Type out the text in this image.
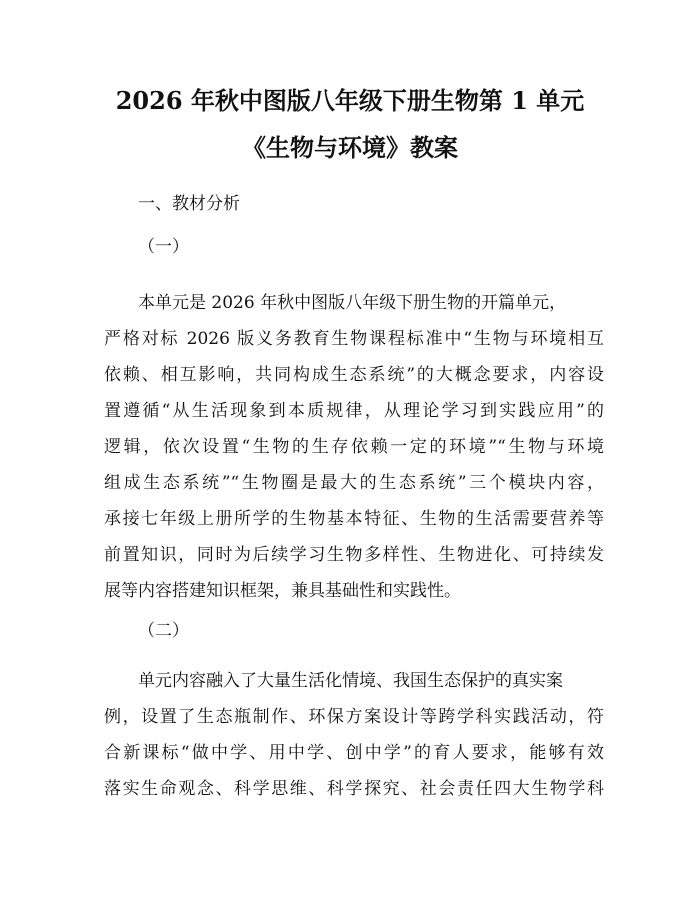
2026 年秋中图版八年级下册生物第 1 单元
《生物与环境》教案
一、教材分析
（一）
本单元是 2026 年秋中图版八年级下册生物的开篇单元，
严格对标 2026 版义务教育生物课程标准中“生物与环境相互
依赖、相互影响，共同构成生态系统”的大概念要求，内容设
置遵循“从生活现象到本质规律，从理论学习到实践应用”的
逻辑，依次设置“生物的生存依赖一定的环境”“生物与环境
组成生态系统”“生物圈是最大的生态系统”三个模块内容，
承接七年级上册所学的生物基本特征、生物的生活需要营养等
前置知识，同时为后续学习生物多样性、生物进化、可持续发
展等内容搭建知识框架，兼具基础性和实践性。
（二）
单元内容融入了大量生活化情境、我国生态保护的真实案
例，设置了生态瓶制作、环保方案设计等跨学科实践活动，符
合新课标“做中学、用中学、创中学”的育人要求，能够有效
落实生命观念、科学思维、科学探究、社会责任四大生物学科
